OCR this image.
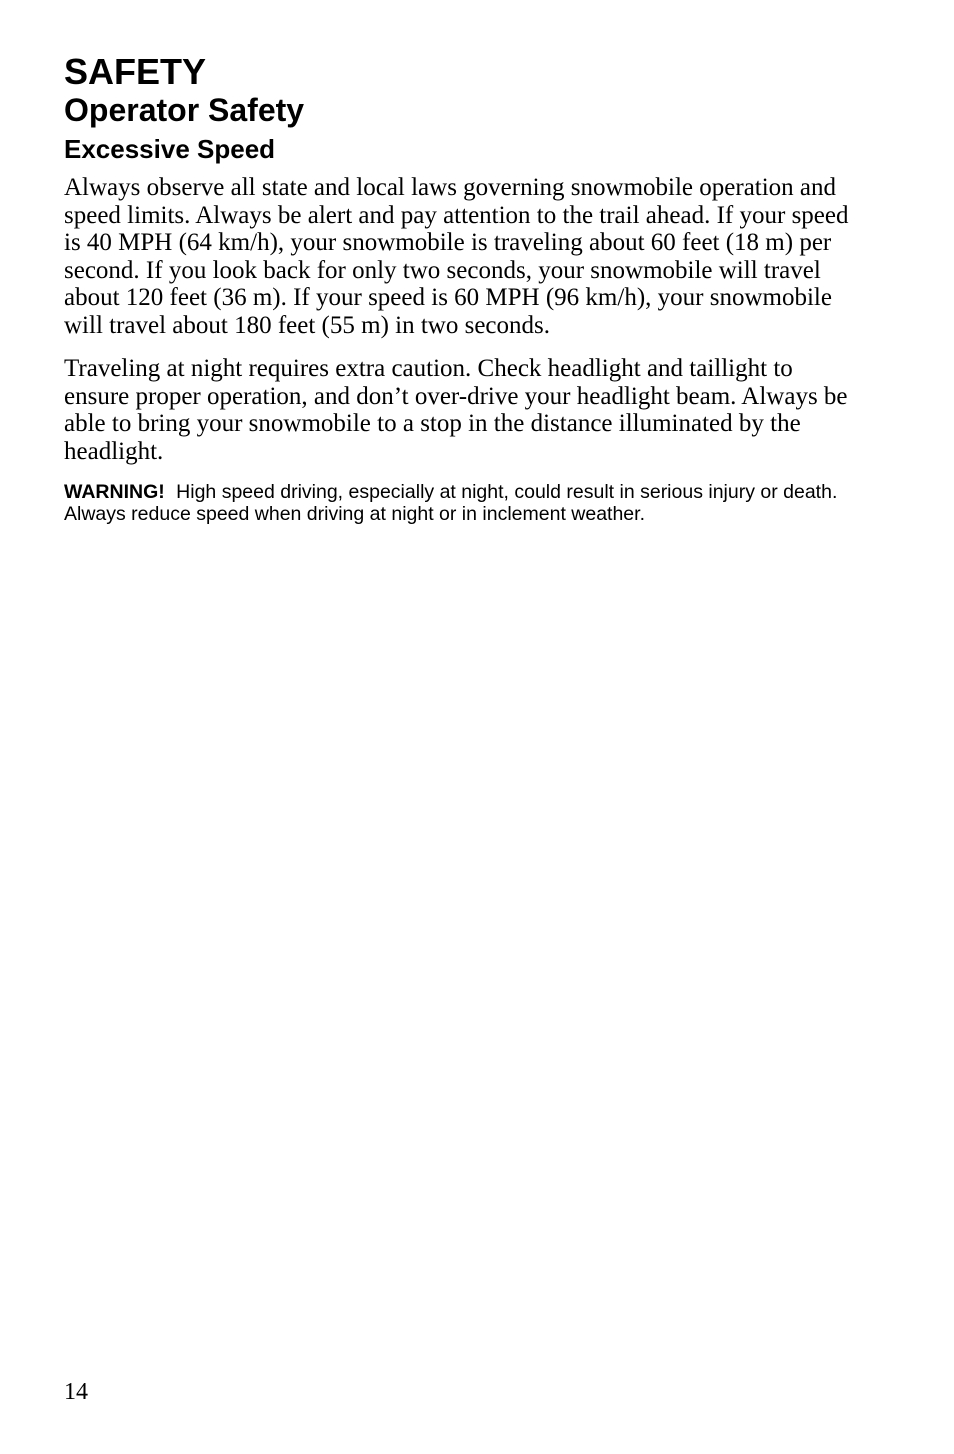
SAFETY
Operator Safety
Excessive Speed

Always observe all state and local laws governing snowmobile operation and speed limits. Always be alert and pay attention to the trail ahead. If your speed is 40 MPH (64 km/h), your snowmobile is traveling about 60 feet (18 m) per second. If you look back for only two seconds, your snowmobile will travel about 120 feet (36 m). If your speed is 60 MPH (96 km/h), your snowmobile will travel about 180 feet (55 m) in two seconds.

Traveling at night requires extra caution. Check headlight and taillight to ensure proper operation, and don’t over-drive your headlight beam. Always be able to bring your snowmobile to a stop in the distance illuminated by the headlight.

WARNING! High speed driving, especially at night, could result in serious injury or death. Always reduce speed when driving at night or in inclement weather.

14
